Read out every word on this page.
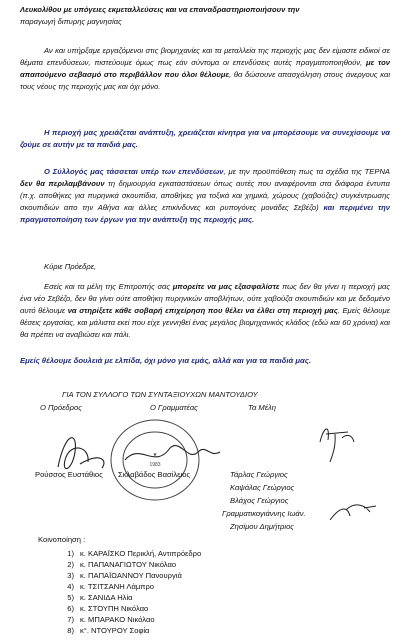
Λευκολίθου με υπόγειες εκμεταλλεύσεις και να επαναδραστηριοποιήσουν την
παραγωγή διπυρης μαγνησίας
Αν και υπήρξαμε εργαζόμενοι στις βιομηχανίες και τα μεταλλεία της περιοχής μας δεν είμαστε ειδικοί σε θέματα επενδύσεων, πιστεύουμε όμως πως εάν σύντομα οι επενδύσεις αυτές πραγματοποιηθούν, με τον απαιτούμενο σεβασμό στο περιβάλλον που όλοι θέλουμε, θα δώσουνε απασχόληση στους άνεργους και τους νέους της περιοχής μας και όχι μόνο.
Η περιοχή μας χρειάζεται ανάπτυξη, χρειάζεται κίνητρα για να μπορέσουμε να συνεχίσουμε να ζούμε σε αυτήν με τα παιδιά μας.
Ο Σύλλογός μας τάσσεται υπέρ των επενδύσεων, με την προϋπόθεση πως τα σχέδια της ΤΕΡΝΑ δεν θα περιλαμβάνουν τη δημιουργία εγκαταστάσεων όπως αυτές που αναφέρονται στα διάφορα έντυπα (π.χ. αποθήκες για πυρηνικά σκουπίδια, αποθήκες για τοξικά και χημικά, χώρους (χαβούζες) συγκέντρωσης σκουπιδιών απο την Αθήνα και άλλες επικίνδυνες και ρυπογόνες μονάδες Σεβέζο) και περιμένει την πραγματοποίηση των έργων για την ανάπτυξη της περιοχής μας.
Κύριε Πρόεδρε,
Εσείς και τα μέλη της Επιτροπής σας μπορείτε να μας εξασφαλίστε πως δεν θα γίνει η περιοχή μας ένα νέο Σεβέζο, δεν θα γίνει ούτε αποθήκη πυρηνικών αποβλήτων, ούτε χαβούζα σκουπιδιών και με δεδομένο αυτό θέλουμε να στηρίξετε κάθε σοβαρή επιχείρηση που θέλει να έλθει στη περιοχή μας. Εμείς θέλουμε θέσεις εργασίας, και μάλιστα εκεί που είχε γεννηθεί ένας μεγάλος βιομηχανικός κλάδος (εδώ και 60 χρόνια) και θα πρέπει να αναβιώσει και πάλι.
Εμείς θέλουμε δουλειά με ελπίδα, όχι μόνο για εμάς, αλλά και για τα παιδιά μας.
ΓΙΑ ΤΟΝ ΣΥΛΛΟΓΟ ΤΩΝ ΣΥΝΤΑΞΙΟΥΧΩΝ ΜΑΝΤΟΥΔΙΟΥ
Ο Πρόεδρος	Ο Γραμματέας	Τα Μέλη
★
1983
Ρούσσος Ευστάθιος Σκλαβάδος Βασίλειος	Τάρλας Γεώργιος
Καψάλας Γεώργιος
Βλάχος Γεώργιος
Γραμματικογιάννης Ιωάν.
Ζησίμου Δημήτριος
Κοινοποίηση :
1) κ. ΚΑΡΑΪΣΚΟ Περικλή, Αντιπρόεδρο
2) κ. ΠΑΠΑΝΑΓΙΩΤΟΥ Νικόλαο
3) κ. ΠΑΠΑΪΩΑΝΝΟΥ Πανουργιά
4) κ. ΤΣΙΤΣΑΝΗ Λάμπρο
5) κ. ΣΑΝΙΔΑ Ηλία
6) κ. ΣΤΟΥΠΗ Νικόλαο
7) κ. ΜΠΑΡΑΚΟ Νικόλαο
8) κ°. ΝΤΟΥΡΟΥ Σοφία
